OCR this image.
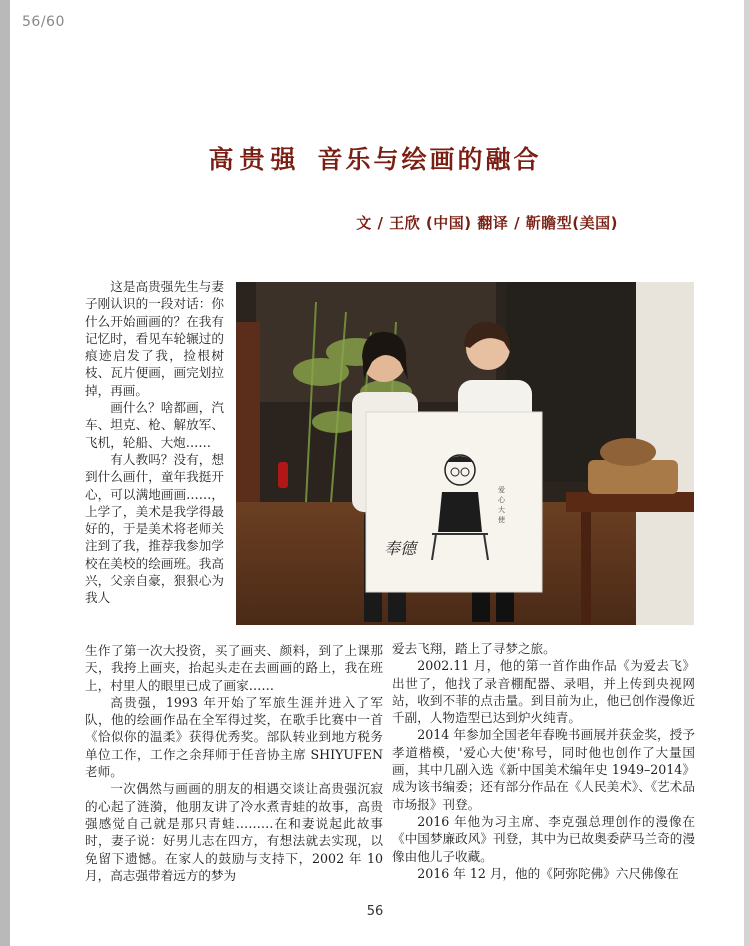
56/60
高贵强 音乐与绘画的融合
文 / 王欣 (中国) 翻译 / 靳瞻型(美国)
爱
心
大
使
奉德

这是高贵强先生与妻子刚认识的一段对话：你什么开始画画的？在我有记忆时，看见车轮辗过的痕迹启发了我，捡根树枝、瓦片便画，画完划拉掉，再画。

画什么？啥都画，汽车、坦克、枪、解放军、飞机，轮船、大炮……

有人教吗？没有，想到什么画什，童年我挺开心，可以满地画画……，上学了，美术是我学得最好的，于是美术将老师关注到了我，推荐我参加学校在美校的绘画班。我高兴，父亲自豪，狠狠心为我人

生作了第一次大投资，买了画夹、颜料，到了上课那天，我挎上画夹，抬起头走在去画画的路上，我在班上，村里人的眼里已成了画家……

高贵强，1993 年开始了军旅生涯并进入了军队，他的绘画作品在全军得过奖，在歌手比赛中一首《恰似你的温柔》获得优秀奖。部队转业到地方税务单位工作，工作之余拜师于任音协主席 SHIYUFEN 老师。

一次偶然与画画的朋友的相遇交谈让高贵强沉寂的心起了涟漪，他朋友讲了冷水煮青蛙的故事，高贵强感觉自己就是那只青蛙………在和妻说起此故事时，妻子说：好男儿志在四方，有想法就去实现，以免留下遗憾。在家人的鼓励与支持下，2002 年 10 月，高志强带着远方的梦为

爱去飞翔，踏上了寻梦之旅。

2002.11 月，他的第一首作曲作品《为爱去飞》出世了，他找了录音棚配器、录唱，并上传到央视网站，收到不菲的点击量。到目前为止，他已创作漫像近千副，人物造型已达到炉火纯青。

2014 年参加全国老年春晚书画展并获金奖，授予孝道楷模，'爱心大使'称号，同时他也创作了大量国画，其中几副入选《新中国美术编年史 1949–2014》成为该书编委；还有部分作品在《人民美术》、《艺术品市场报》刊登。

2016 年他为习主席、李克强总理创作的漫像在《中国梦廉政风》刊登，其中为已故奥委萨马兰奇的漫像由他儿子收藏。

2016 年 12 月，他的《阿弥陀佛》六尺佛像在

56
